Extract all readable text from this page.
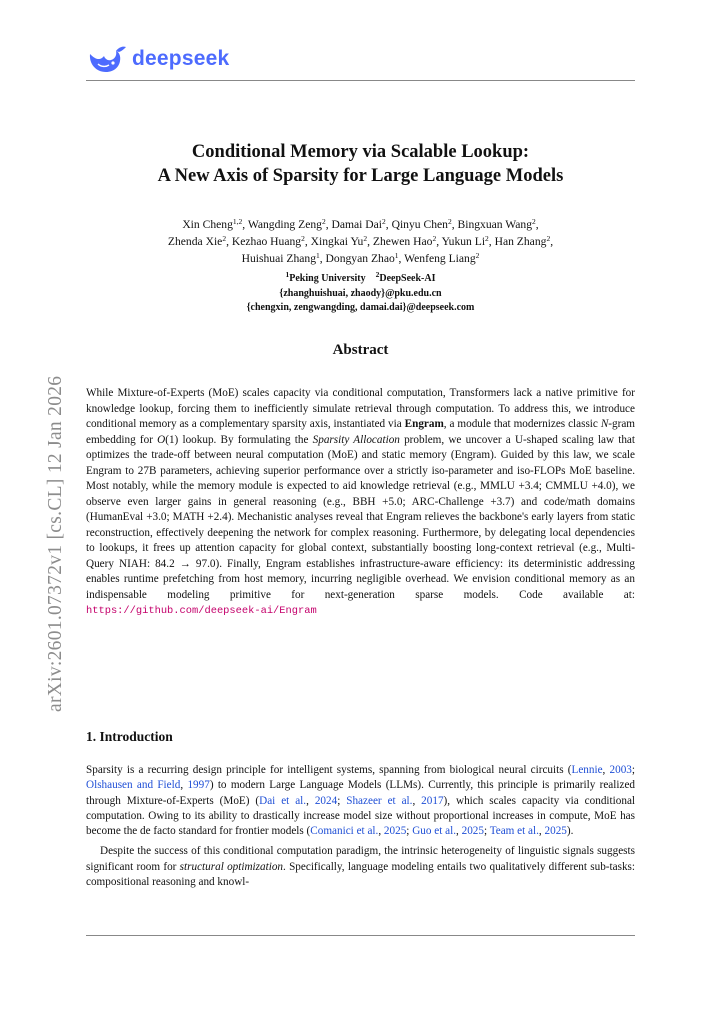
deepseek
arXiv:2601.07372v1 [cs.CL] 12 Jan 2026
Conditional Memory via Scalable Lookup:
A New Axis of Sparsity for Large Language Models
Xin Cheng$^{1,2}$, Wangding Zeng$^2$, Damai Dai$^2$, Qinyu Chen$^2$, Bingxuan Wang$^2$,
Zhenda Xie$^2$, Kezhao Huang$^2$, Xingkai Yu$^2$, Zhewen Hao$^2$, Yukun Li$^2$, Han Zhang$^2$,
Huishuai Zhang$^1$, Dongyan Zhao$^1$, Wenfeng Liang$^2$
$^1$Peking University $^2$DeepSeek-AI
{zhanghuishuai, zhaody}@pku.edu.cn
{chengxin, zengwangding, damai.dai}@deepseek.com
Abstract

While Mixture-of-Experts (MoE) scales capacity via conditional computation, Transformers lack a native primitive for knowledge lookup, forcing them to inefficiently simulate retrieval through computation. To address this, we introduce conditional memory as a complementary sparsity axis, instantiated via Engram, a module that modernizes classic N-gram embedding for O(1) lookup. By formulating the Sparsity Allocation problem, we uncover a U-shaped scaling law that optimizes the trade-off between neural computation (MoE) and static memory (Engram). Guided by this law, we scale Engram to 27B parameters, achieving superior performance over a strictly iso-parameter and iso-FLOPs MoE baseline. Most notably, while the memory module is expected to aid knowledge retrieval (e.g., MMLU +3.4; CMMLU +4.0), we observe even larger gains in general reasoning (e.g., BBH +5.0; ARC-Challenge +3.7) and code/math domains (HumanEval +3.0; MATH +2.4). Mechanistic analyses reveal that Engram relieves the backbone's early layers from static reconstruction, effectively deepening the network for complex reasoning. Furthermore, by delegating local dependencies to lookups, it frees up attention capacity for global context, substantially boosting long-context retrieval (e.g., Multi-Query NIAH: 84.2 → 97.0). Finally, Engram establishes infrastructure-aware efficiency: its deterministic addressing enables runtime prefetching from host memory, incurring negligible overhead. We envision conditional memory as an indispensable modeling primitive for next-generation sparse models. Code available at: https://github.com/deepseek-ai/Engram

1. Introduction

Sparsity is a recurring design principle for intelligent systems, spanning from biological neural circuits (Lennie, 2003; Olshausen and Field, 1997) to modern Large Language Models (LLMs). Currently, this principle is primarily realized through Mixture-of-Experts (MoE) (Dai et al., 2024; Shazeer et al., 2017), which scales capacity via conditional computation. Owing to its ability to drastically increase model size without proportional increases in compute, MoE has become the de facto standard for frontier models (Comanici et al., 2025; Guo et al., 2025; Team et al., 2025).

Despite the success of this conditional computation paradigm, the intrinsic heterogeneity of linguistic signals suggests significant room for structural optimization. Specifically, language modeling entails two qualitatively different sub-tasks: compositional reasoning and knowl-
